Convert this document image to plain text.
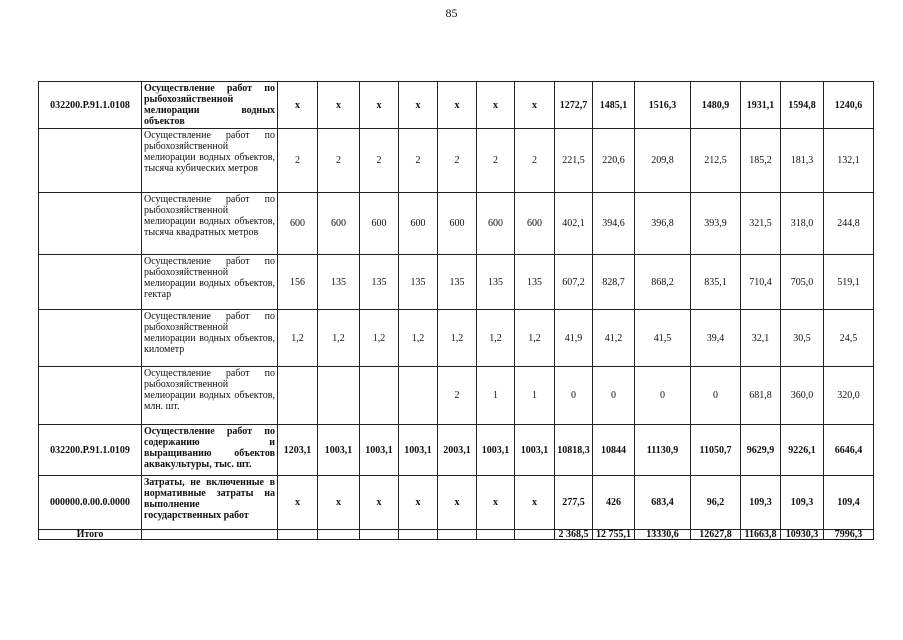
85
032200.Р.91.1.0108	Осуществление работ по рыбохозяйственной мелиорации водных объектов	х	х	х	х	х	х	х	1272,7	1485,1	1516,3	1480,9	1931,1	1594,8	1240,6
	Осуществление работ по рыбохозяйственной мелиорации водных объектов, тысяча кубических метров	2	2	2	2	2	2	2	221,5	220,6	209,8	212,5	185,2	181,3	132,1
	Осуществление работ по рыбохозяйственной мелиорации водных объектов, тысяча квадратных метров	600	600	600	600	600	600	600	402,1	394,6	396,8	393,9	321,5	318,0	244,8
	Осуществление работ по рыбохозяйственной мелиорации водных объектов, гектар	156	135	135	135	135	135	135	607,2	828,7	868,2	835,1	710,4	705,0	519,1
	Осуществление работ по рыбохозяйственной мелиорации водных объектов, километр	1,2	1,2	1,2	1,2	1,2	1,2	1,2	41,9	41,2	41,5	39,4	32,1	30,5	24,5
	Осуществление работ по рыбохозяйственной мелиорации водных объектов, млн. шт.					2	1	1	0	0	0	0	681,8	360,0	320,0
032200.Р.91.1.0109	Осуществление работ по содержанию и выращиванию объектов аквакультуры, тыс. шт.	1203,1	1003,1	1003,1	1003,1	2003,1	1003,1	1003,1	10818,3	10844	11130,9	11050,7	9629,9	9226,1	6646,4
000000.0.00.0.0000	Затраты, не включенные в нормативные затраты на выполнение государственных работ	х	х	х	х	х	х	х	277,5	426	683,4	96,2	109,3	109,3	109,4
Итого									2 368,5	12 755,1	13330,6	12627,8	11663,8	10930,3	7996,3
